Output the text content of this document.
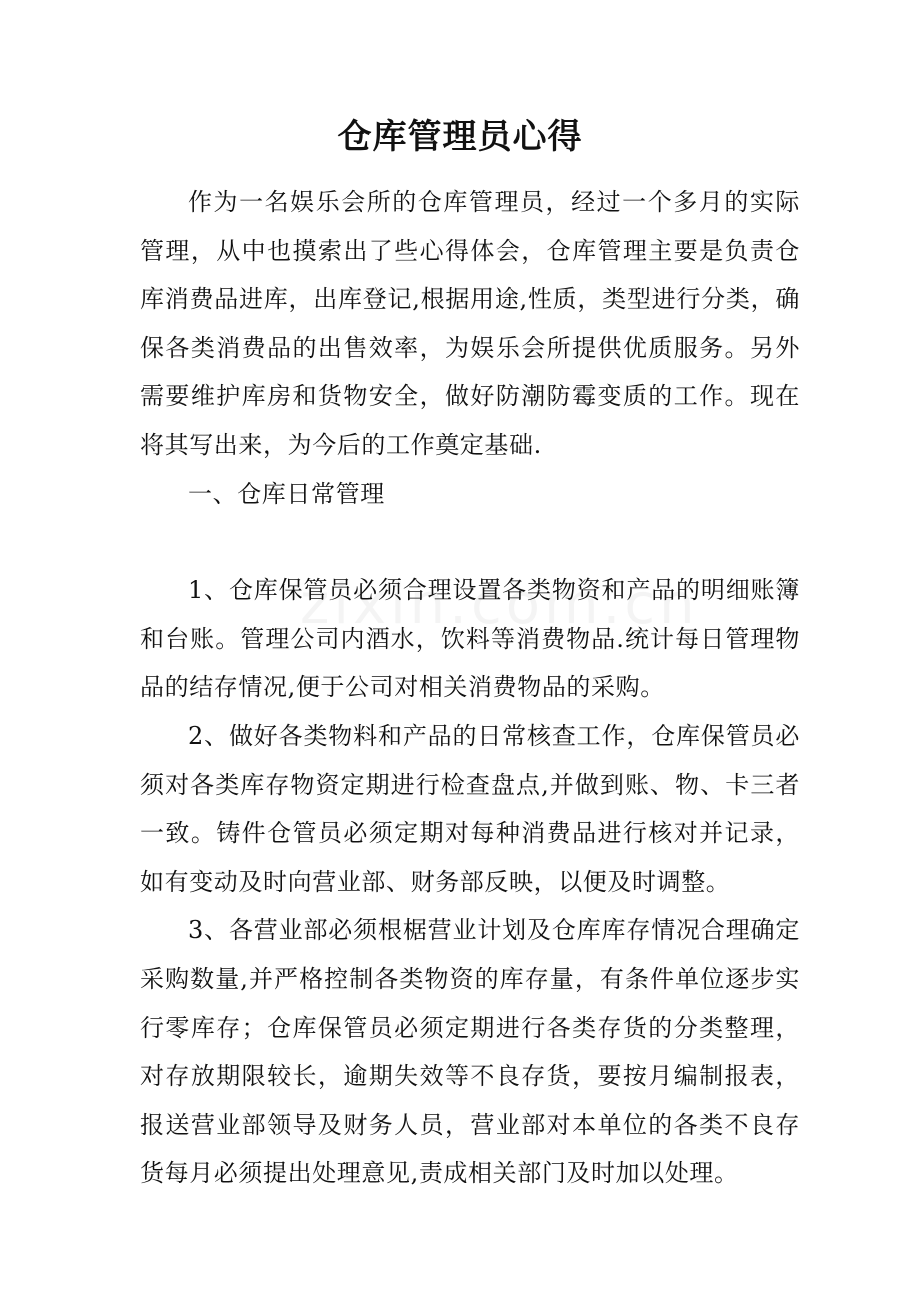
仓库管理员心得

作为一名娱乐会所的仓库管理员，经过一个多月的实际管理，从中也摸索出了些心得体会，仓库管理主要是负责仓库消费品进库，出库登记,根据用途,性质，类型进行分类，确保各类消费品的出售效率，为娱乐会所提供优质服务。另外需要维护库房和货物安全，做好防潮防霉变质的工作。现在将其写出来，为今后的工作奠定基础.

一、仓库日常管理

1、仓库保管员必须合理设置各类物资和产品的明细账簿和台账。管理公司内酒水，饮料等消费物品.统计每日管理物品的结存情况,便于公司对相关消费物品的采购。

2、做好各类物料和产品的日常核查工作，仓库保管员必须对各类库存物资定期进行检查盘点,并做到账、物、卡三者一致。铸件仓管员必须定期对每种消费品进行核对并记录，如有变动及时向营业部、财务部反映，以便及时调整。

3、各营业部必须根椐营业计划及仓库库存情况合理确定采购数量,并严格控制各类物资的库存量，有条件单位逐步实行零库存；仓库保管员必须定期进行各类存货的分类整理，对存放期限较长，逾期失效等不良存货，要按月编制报表，报送营业部领导及财务人员，营业部对本单位的各类不良存货每月必须提出处理意见,责成相关部门及时加以处理。
